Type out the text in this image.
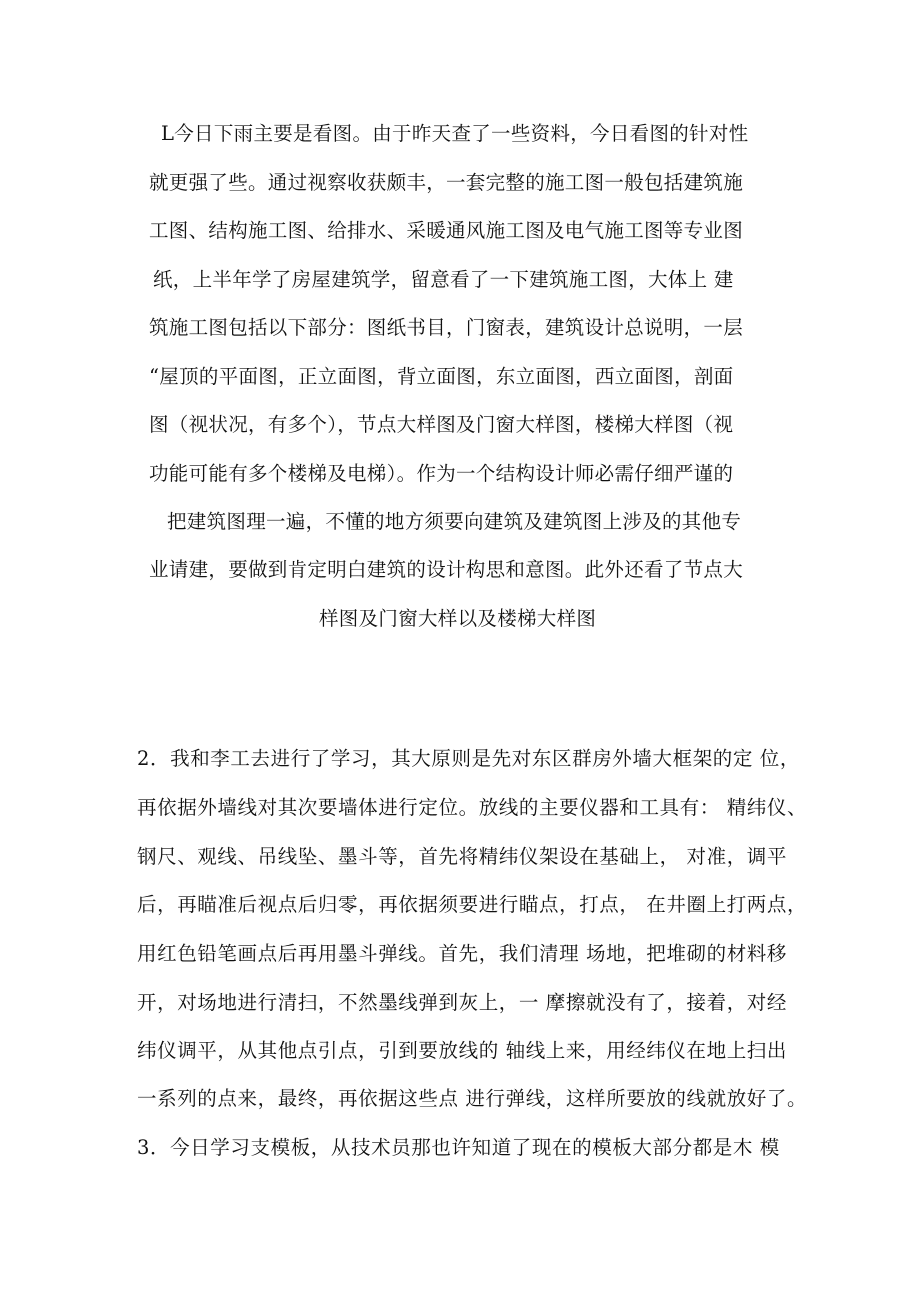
L今日下雨主要是看图。由于昨天查了一些资料，今日看图的针对性
就更强了些。通过视察收获颇丰，一套完整的施工图一般包括建筑施
工图、结构施工图、给排水、采暖通风施工图及电气施工图等专业图
纸，上半年学了房屋建筑学，留意看了一下建筑施工图，大体上 建
筑施工图包括以下部分：图纸书目，门窗表，建筑设计总说明，一层
“屋顶的平面图，正立面图，背立面图，东立面图，西立面图，剖面
图（视状况，有多个），节点大样图及门窗大样图，楼梯大样图（视
功能可能有多个楼梯及电梯）。作为一个结构设计师必需仔细严谨的
把建筑图理一遍，不懂的地方须要向建筑及建筑图上涉及的其他专
业请建，要做到肯定明白建筑的设计构思和意图。此外还看了节点大
样图及门窗大样以及楼梯大样图
2．我和李工去进行了学习，其大原则是先对东区群房外墙大框架的定 位，
再依据外墙线对其次要墙体进行定位。放线的主要仪器和工具有： 精纬仪、
钢尺、观线、吊线坠、墨斗等，首先将精纬仪架设在基础上， 对准，调平
后，再瞄准后视点后归零，再依据须要进行瞄点，打点， 在井圈上打两点，
用红色铅笔画点后再用墨斗弹线。首先，我们清理 场地，把堆砌的材料移
开，对场地进行清扫，不然墨线弹到灰上，一 摩擦就没有了，接着，对经
纬仪调平，从其他点引点，引到要放线的 轴线上来，用经纬仪在地上扫出
一系列的点来，最终，再依据这些点 进行弹线，这样所要放的线就放好了。
3．今日学习支模板，从技术员那也许知道了现在的模板大部分都是木 模
